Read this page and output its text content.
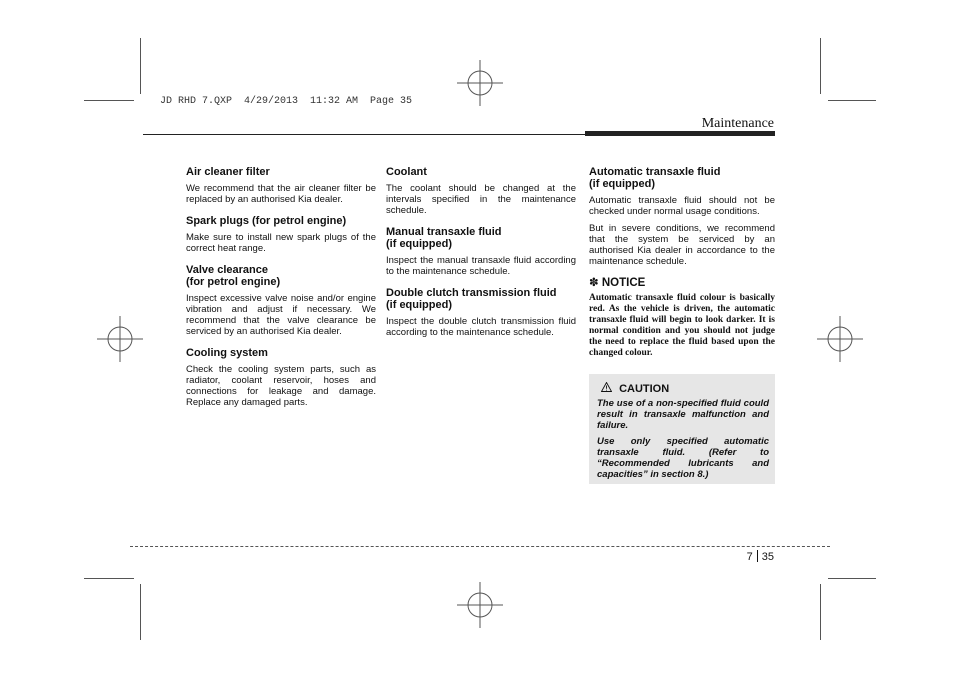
JD RHD 7.QXP  4/29/2013  11:32 AM  Page 35
Maintenance
Air cleaner filter

We recommend that the air cleaner filter be replaced by an authorised Kia dealer.

Spark plugs (for petrol engine)

Make sure to install new spark plugs of the correct heat range.

Valve clearance
(for petrol engine)

Inspect excessive valve noise and/or engine vibration and adjust if necessary. We recommend that the valve clearance be serviced by an authorised Kia dealer.

Cooling system

Check the cooling system parts, such as radiator, coolant reservoir, hoses and connections for leakage and damage. Replace any damaged parts.

Coolant

The coolant should be changed at the intervals specified in the maintenance schedule.

Manual transaxle fluid
(if equipped)

Inspect the manual transaxle fluid according to the maintenance schedule.

Double clutch transmission fluid
(if equipped)

Inspect the double clutch transmission fluid according to the maintenance schedule.

Automatic transaxle fluid
(if equipped)

Automatic transaxle fluid should not be checked under normal usage conditions.

But in severe conditions, we recommend that the system be serviced by an authorised Kia dealer in accordance to the maintenance schedule.

✽ NOTICE

Automatic transaxle fluid colour is basically red. As the vehicle is driven, the automatic transaxle fluid will begin to look darker. It is normal condition and you should not judge the need to replace the fluid based upon the changed colour.

CAUTION

The use of a non-specified fluid could result in transaxle malfunction and failure.

Use only specified automatic transaxle fluid. (Refer to “Recommended lubricants and capacities” in section 8.)

7 35
